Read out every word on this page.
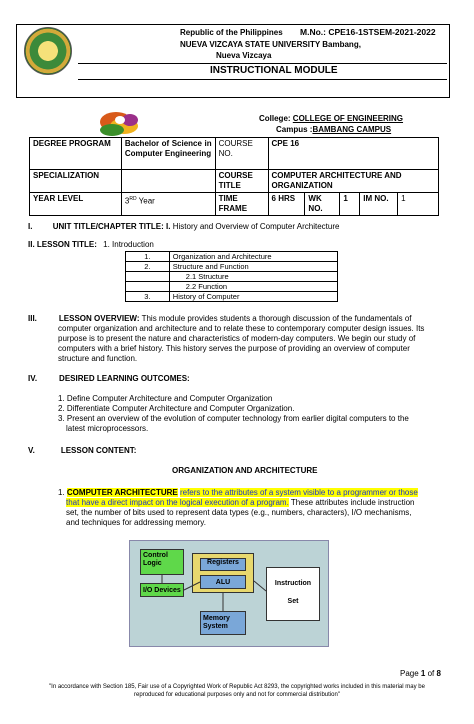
Republic of the Philippines M.No.: CPE16-1STSEM-2021-2022
NUEVA VIZCAYA STATE UNIVERSITY Bambang,
Nueva Vizcaya
INSTRUCTIONAL MODULE
College: COLLEGE OF ENGINEERING
Campus :BAMBANG CAMPUS
DEGREE PROGRAM	Bachelor of Science in Computer Engineering	COURSE NO.	CPE 16				
SPECIALIZATION		COURSE TITLE	COMPUTER ARCHITECTURE AND ORGANIZATION				
YEAR LEVEL	3RD Year	TIME FRAME	6 HRS	WK NO.	1	IM NO.	1
I.	UNIT TITLE/CHAPTER TITLE: I. History and Overview of Computer Architecture
II. LESSON TITLE: 1. Introduction
1.	Organization and Architecture
2.	Structure and Function
	2.1 Structure
	2.2 Function
3.	History of Computer
III.	LESSON OVERVIEW: This module provides students a thorough discussion of the fundamentals of
computer organization and architecture and to relate these to contemporary computer design issues. Its
purpose is to present the nature and characteristics of modern-day computers. We begin our study of
computers with a brief history. This history serves the purpose of providing an overview of computer
structure and function.
IV.	DESIRED LEARNING OUTCOMES:
1. Define Computer Architecture and Computer Organization
2. Differentiate Computer Architecture and Computer Organization.
3. Present an overview of the evolution of computer technology from earlier digital computers to the
latest microprocessors.
V.	LESSON CONTENT:
ORGANIZATION AND ARCHITECTURE
1. COMPUTER ARCHITECTURE refers to the attributes of a system visible to a programmer or those
that have a direct impact on the logical execution of a program. These attributes include instruction
set, the number of bits used to represent data types (e.g., numbers, characters), I/O mechanisms,
and techniques for addressing memory.
Control Logic	Registers
ALU
I/O Devices
Memory System
Instruction
Set
Page 1 of 8
"In accordance with Section 185, Fair use of a Copyrighted Work of Republic Act 8293, the copyrighted works included in this material may be
reproduced for educational purposes only and not for commercial distribution"
